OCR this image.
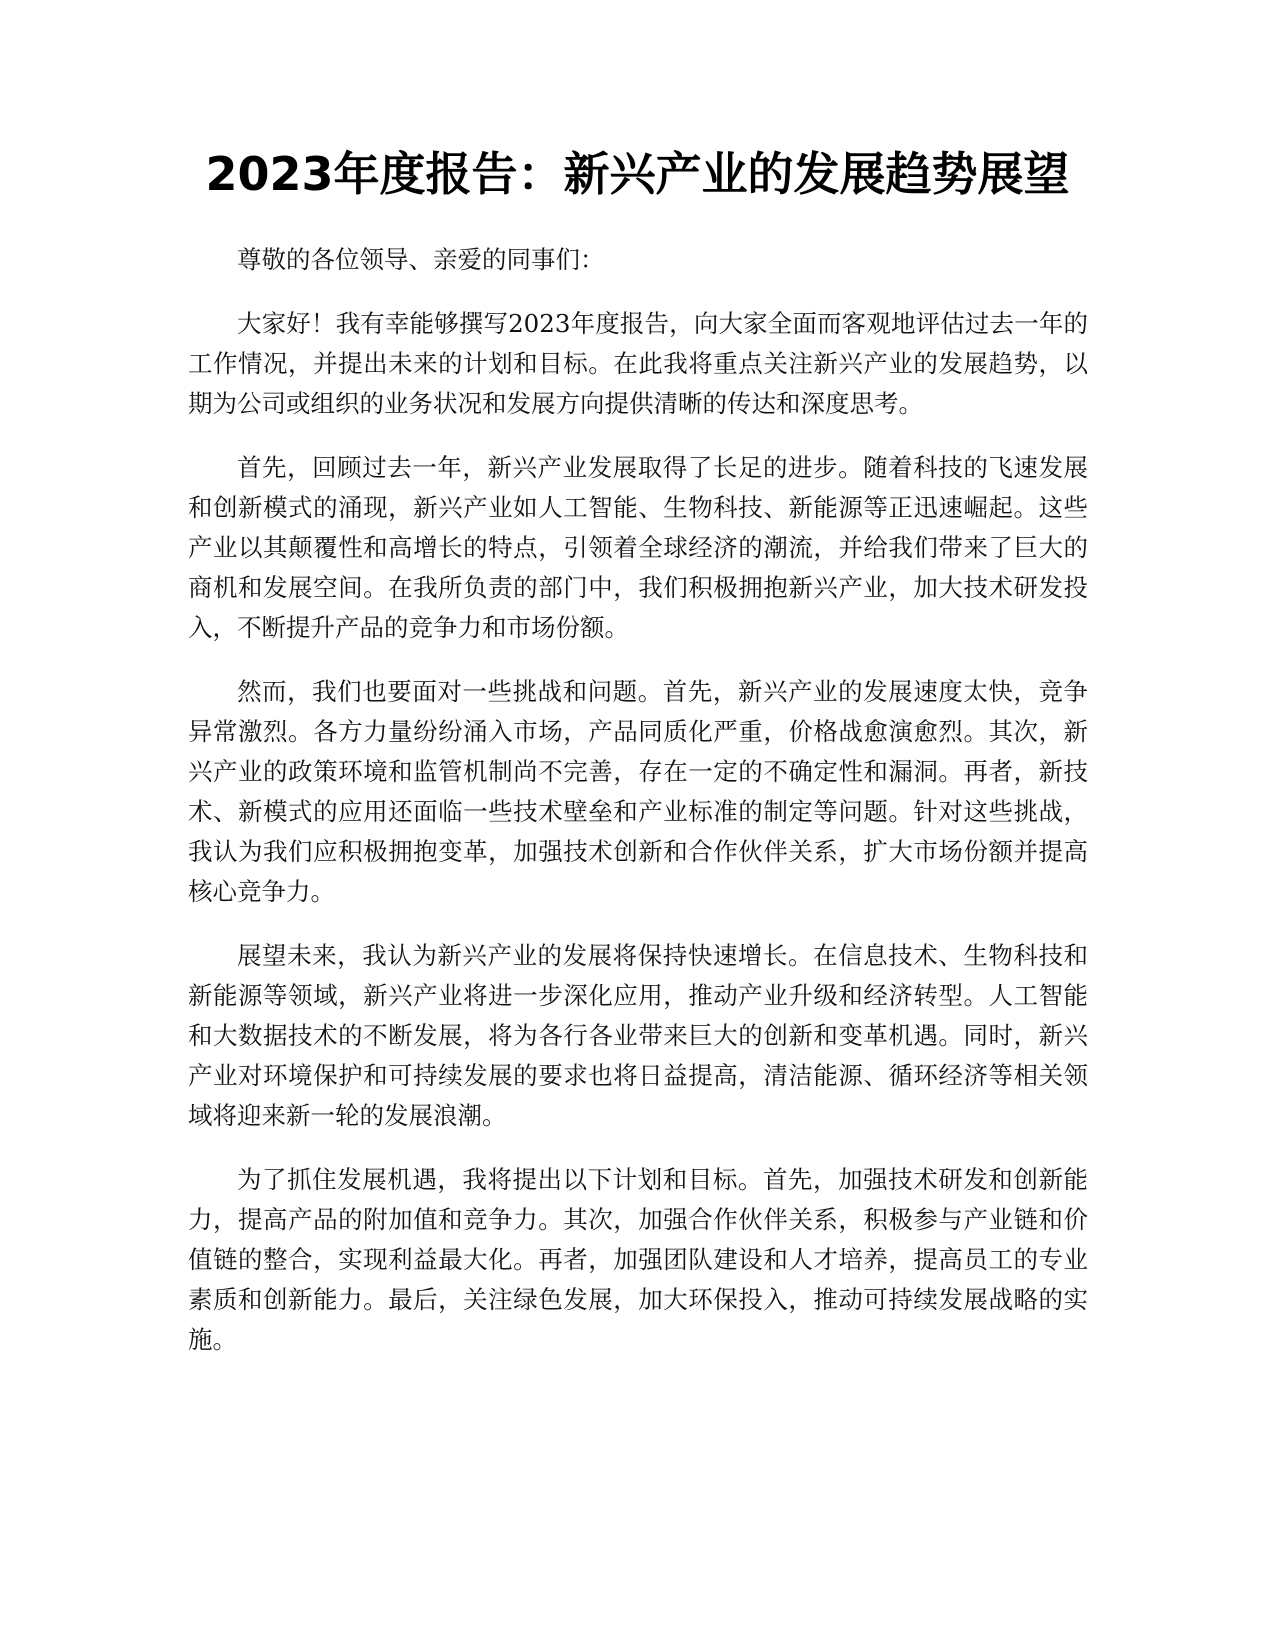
2023年度报告：新兴产业的发展趋势展望

尊敬的各位领导、亲爱的同事们：

大家好！我有幸能够撰写2023年度报告，向大家全面而客观地评估过去一年的工作情况，并提出未来的计划和目标。在此我将重点关注新兴产业的发展趋势，以期为公司或组织的业务状况和发展方向提供清晰的传达和深度思考。

首先，回顾过去一年，新兴产业发展取得了长足的进步。随着科技的飞速发展和创新模式的涌现，新兴产业如人工智能、生物科技、新能源等正迅速崛起。这些产业以其颠覆性和高增长的特点，引领着全球经济的潮流，并给我们带来了巨大的商机和发展空间。在我所负责的部门中，我们积极拥抱新兴产业，加大技术研发投入，不断提升产品的竞争力和市场份额。

然而，我们也要面对一些挑战和问题。首先，新兴产业的发展速度太快，竞争异常激烈。各方力量纷纷涌入市场，产品同质化严重，价格战愈演愈烈。其次，新兴产业的政策环境和监管机制尚不完善，存在一定的不确定性和漏洞。再者，新技术、新模式的应用还面临一些技术壁垒和产业标准的制定等问题。针对这些挑战，我认为我们应积极拥抱变革，加强技术创新和合作伙伴关系，扩大市场份额并提高核心竞争力。

展望未来，我认为新兴产业的发展将保持快速增长。在信息技术、生物科技和新能源等领域，新兴产业将进一步深化应用，推动产业升级和经济转型。人工智能和大数据技术的不断发展，将为各行各业带来巨大的创新和变革机遇。同时，新兴产业对环境保护和可持续发展的要求也将日益提高，清洁能源、循环经济等相关领域将迎来新一轮的发展浪潮。

为了抓住发展机遇，我将提出以下计划和目标。首先，加强技术研发和创新能力，提高产品的附加值和竞争力。其次，加强合作伙伴关系，积极参与产业链和价值链的整合，实现利益最大化。再者，加强团队建设和人才培养，提高员工的专业素质和创新能力。最后，关注绿色发展，加大环保投入，推动可持续发展战略的实施。
